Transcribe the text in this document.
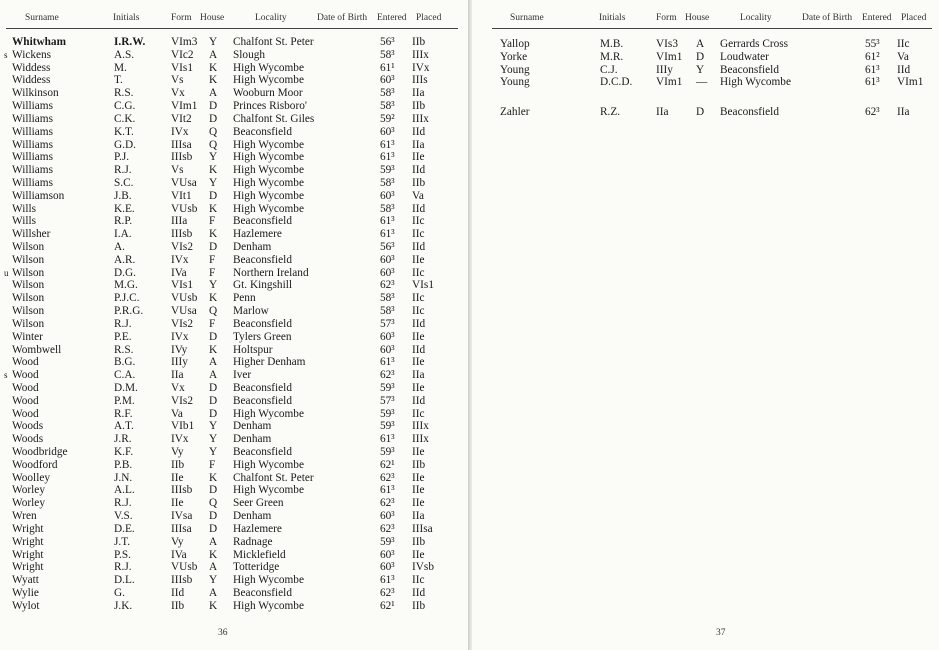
Surname	Initials	Form House	Locality	Date of Birth Entered Placed
Whitwham	I.R.W. VIm3 Y Chalfont St. Peter	56³ IIb
s Wickens	A.S.	VIc2 A Slough	58³ IIIx
Widdess	M.	VIs1 K High Wycombe	61¹ IVx
Widdess	T.	Vs K High Wycombe	60³ IIIs
Wilkinson	R.S.	Vx A Wooburn Moor	58³ IIa
Williams	C.G.	VIm1 D Princes Risboro'	58³ IIb
Williams	C.K.	VIt2 D Chalfont St. Giles	59² IIIx
Williams	K.T.	IVx Q Beaconsfield	60³ IId
Williams	G.D.	IIIsa Q High Wycombe	61³ IIa
Williams	P.J.	IIIsb Y High Wycombe	61³ IIe
Williams	R.J.	Vs K High Wycombe	59³ IId
Williams	S.C.	VUsa Y High Wycombe	58³ IIb
Williamson	J.B.	VIt1 D High Wycombe	60³ Va
Wills	K.E.	VUsb K High Wycombe	58³ IId
Wills	R.P.	IIIa F Beaconsfield	61³ IIc
Willsher	I.A.	IIIsb K Hazlemere	61³ IIc
Wilson	A.	VIs2 D Denham	56³ IId
Wilson	A.R.	IVx F Beaconsfield	60³ IIe
u Wilson	D.G.	IVa F Northern Ireland	60³ IIc
Wilson	M.G.	VIs1 Y Gt. Kingshill	62³ VIs1
Wilson	P.J.C.	VUsb K Penn	58³ IIc
Wilson	P.R.G. VUsa Q Marlow	58³ IIc
Wilson	R.J.	VIs2 F Beaconsfield	57³ IId
Winter	P.E.	IVx D Tylers Green	60³ IIe
Wombwell	R.S.	IVy K Holtspur	60³ IId
Wood	B.G.	IIIy A Higher Denham	61³ IIe
s Wood	C.A.	IIa A Iver	62³ IIa
Wood	D.M.	Vx D Beaconsfield	59³ IIe
Wood	P.M.	VIs2 D Beaconsfield	57³ IId
Wood	R.F.	Va D High Wycombe	59³ IIc
Woods	A.T.	VIb1 Y Denham	59³ IIIx
Woods	J.R.	IVx Y Denham	61³ IIIx
Woodbridge	K.F.	Vy Y Beaconsfield	59³ IIe
Woodford	P.B.	IIb F High Wycombe	62¹ IIb
Woolley	J.N.	IIe K Chalfont St. Peter	62³ IIe
Worley	A.L.	IIIsb D High Wycombe	61³ IIe
Worley	R.J.	IIe Q Seer Green	62³ IIe
Wren	V.S.	IVsa D Denham	60³ IIa
Wright	D.E.	IIIsa D Hazlemere	62³ IIIsa
Wright	J.T.	Vy A Radnage	59³ IIb
Wright	P.S.	IVa K Micklefield	60³ IIe
Wright	R.J.	VUsb A Totteridge	60³ IVsb
Wyatt	D.L.	IIIsb Y High Wycombe	61³ IIc
Wylie	G.	IId A Beaconsfield	62³ IId
Wylot	J.K.	IIb K High Wycombe	62¹ IIb
36
Surname	Initials	Form House	Locality	Date of Birth Entered Placed
Yallop	M.B.	VIs3 A Gerrards Cross	55³ IIc
Yorke	M.R.	VIm1 D Loudwater	61² Va
Young	C.J.	IIIy Y Beaconsfield	61³ IId
Young	D.C.D. VIm1 — High Wycombe	61³ VIm1
Zahler	R.Z.	IIa D Beaconsfield	62³ IIa
37
